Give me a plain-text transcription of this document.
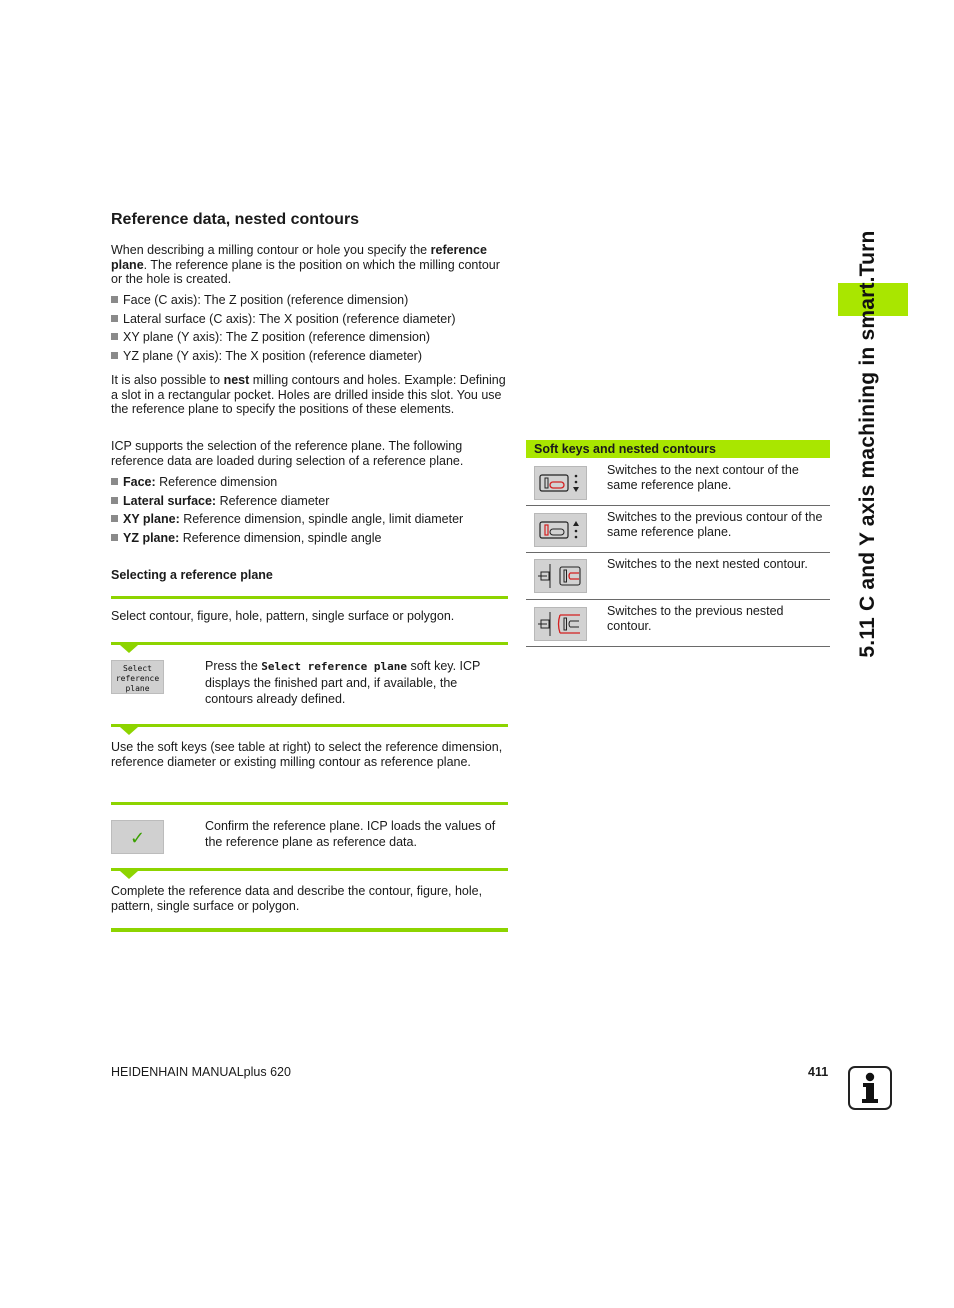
Reference data, nested contours

When describing a milling contour or hole you specify the reference plane. The reference plane is the position on which the milling contour or the hole is created.

Face (C axis): The Z position (reference dimension)
Lateral surface (C axis): The X position (reference diameter)
XY plane (Y axis): The Z position (reference dimension)
YZ plane (Y axis): The X position (reference diameter)

It is also possible to nest milling contours and holes. Example: Defining a slot in a rectangular pocket. Holes are drilled inside this slot. You use the reference plane to specify the positions of these elements.

ICP supports the selection of the reference plane. The following reference data are loaded during selection of a reference plane.

Face: Reference dimension
Lateral surface: Reference diameter
XY plane: Reference dimension, spindle angle, limit diameter
YZ plane: Reference dimension, spindle angle
Selecting a reference plane

Select contour, figure, hole, pattern, single surface or polygon.

Select reference plane

Press the Select reference plane soft key. ICP displays the finished part and, if available, the contours already defined.

Use the soft keys (see table at right) to select the reference dimension, reference diameter or existing milling contour as reference plane.

✓

Confirm the reference plane. ICP loads the values of the reference plane as reference data.

Complete the reference data and describe the contour, figure, hole, pattern, single surface or polygon.

Soft keys and nested contours
Switches to the next contour of the same reference plane.
Switches to the previous contour of the same reference plane.
Switches to the next nested contour.
Switches to the previous nested contour.	5.11 C and Y axis machining in smart.Turn
HEIDENHAIN MANUALplus 620	411
